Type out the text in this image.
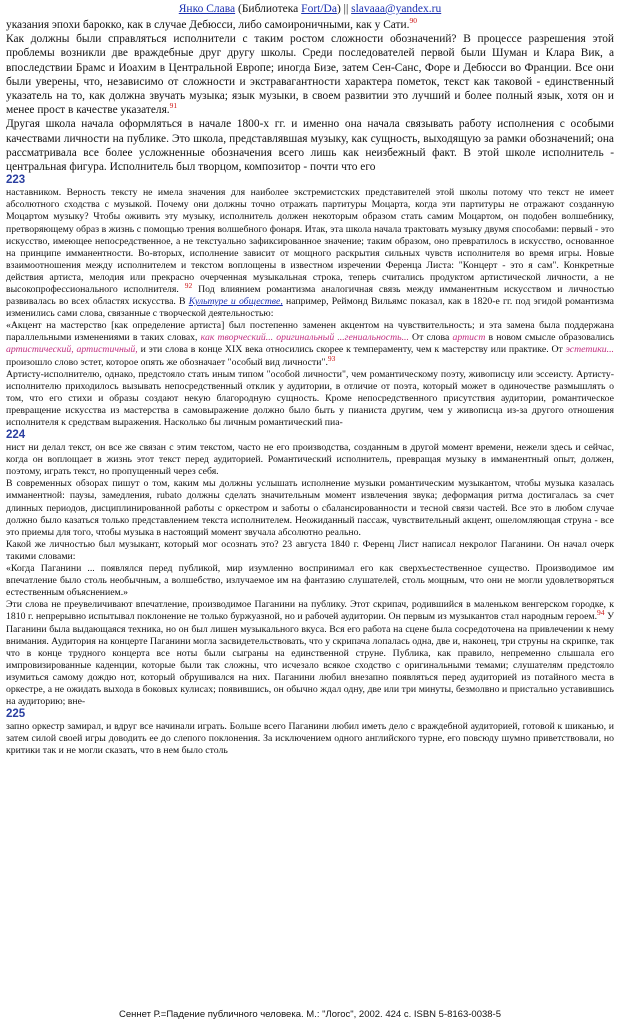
Янко Слава (Библиотека Fort/Da) || slavaaa@yandex.ru

указания эпохи барокко, как в случае Дебюсси, либо самоироничными, как у Сати.$^{90}$

Как должны были справляться исполнители с таким ростом сложности обозначений? В процессе разрешения этой проблемы возникли две враждебные друг другу школы. Среди последователей первой были Шуман и Клара Вик, а впоследствии Брамс и Иоахим в Центральной Европе; иногда Бизе, затем Сен-Санс, Форе и Дебюсси во Франции. Все они были уверены, что, независимо от сложности и экстравагантности характера пометок, текст как таковой - единственный указатель на то, как должна звучать музыка; язык музыки, в своем развитии это лучший и более полный язык, хотя он и менее прост в качестве указателя.$^{91}$

Другая школа начала оформляться в начале 1800-х гг. и именно она начала связывать работу исполнения с особыми качествами личности на публике. Это школа, представлявшая музыку, как сущность, выходящую за рамки обозначений; она рассматривала все более усложненные обозначения всего лишь как неизбежный факт. В этой школе исполнитель - центральная фигура. Исполнитель был творцом, композитор - почти что его

223

наставником. Верность тексту не имела значения для наиболее экстремистских представителей этой школы потому что текст не имеет абсолютного сходства с музыкой. Почему они должны точно отражать партитуры Моцарта, когда эти партитуры не отражают созданную Моцартом музыку? Чтобы оживить эту музыку, исполнитель должен некоторым образом стать самим Моцартом, он подобен волшебнику, претворяющему образ в жизнь с помощью трения волшебного фонаря. Итак, эта школа начала трактовать музыку двумя способами: первый - это искусство, имеющее непосредственное, а не текстуально зафиксированное значение; таким образом, оно превратилось в искусство, основанное на принципе имманентности. Во-вторых, исполнение зависит от мощного раскрытия сильных чувств исполнителя во время игры. Новые взаимоотношения между исполнителем и текстом воплощены в известном изречении Ференца Листа: "Концерт - это я сам". Конкретные действия артиста, мелодия или прекрасно очерченная музыкальная строка, теперь считались продуктом артистической личности, а не высокопрофессионального исполнителя. $^{92}$ Под влиянием романтизма аналогичная связь между имманентным искусством и личностью развивалась во всех областях искусства. В Культуре и обществе, например, Реймонд Вильямс показал, как в 1820-е гг. под эгидой романтизма изменились сами слова, связанные с творческой деятельностью:

«Акцент на мастерство [как определение артиста] был постепенно заменен акцентом на чувствительность; и эта замена была поддержана параллельными изменениями в таких словах, как творческий... оригинальный ...гениальность... От слова артист в новом смысле образовались артистический, артистичный, и эти слова в конце XIX века относились скорее к темпераменту, чем к мастерству или практике. От эстетики... произошло слово эстет, которое опять же обозначает "особый вид личности".$^{93}$

Артисту-исполнителю, однако, предстояло стать иным типом "особой личности", чем романтическому поэту, живописцу или эссеисту. Артисту-исполнителю приходилось вызывать непосредственный отклик у аудитории, в отличие от поэта, который может в одиночестве размышлять о том, что его стихи и образы создают некую благородную сущность. Кроме непосредственного присутствия аудитории, романтическое превращение искусства из мастерства в самовыражение должно было быть у пианиста другим, чем у живописца из-за другого отношения исполнителя к средствам выражения. Насколько бы личным романтический пиа-

224

нист ни делал текст, он все же связан с этим текстом, часто не его производства, созданным в другой момент времени, нежели здесь и сейчас, когда он воплощает в жизнь этот текст перед аудиторией. Романтический исполнитель, превращая музыку в имманентный опыт, должен, поэтому, играть текст, но пропущенный через себя.

В современных обзорах пишут о том, каким мы должны услышать исполнение музыки романтическим музыкантом, чтобы музыка казалась имманентной: паузы, замедления, rubato должны сделать значительным момент извлечения звука; деформация ритма достигалась за счет длинных периодов, дисциплинированной работы с оркестром и заботы о сбалансированности и тесной связи частей. Все это в любом случае должно было казаться только представлением текста исполнителем. Неожиданный пассаж, чувствительный акцент, ошеломляющая струна - все это приемы для того, чтобы музыка в настоящий момент звучала абсолютно реально.

Какой же личностью был музыкант, который мог осознать это? 23 августа 1840 г. Ференц Лист написал некролог Паганини. Он начал очерк такими словами:

«Когда Паганини ... появлялся перед публикой, мир изумленно воспринимал его как сверхъестественное существо. Производимое им впечатление было столь необычным, а волшебство, излучаемое им на фантазию слушателей, столь мощным, что они не могли удовлетворяться естественным объяснением.»

Эти слова не преувеличивают впечатление, производимое Паганини на публику. Этот скрипач, родившийся в маленьком венгерском городке, к 1810 г. непрерывно испытывал поклонение не только буржуазной, но и рабочей аудитории. Он первым из музыкантов стал народным героем.$^{94}$ У Паганини была выдающаяся техника, но он был лишен музыкального вкуса. Вся его работа на сцене была сосредоточена на привлечении к нему внимания. Аудитория на концерте Паганини могла засвидетельствовать, что у скрипача лопалась одна, две и, наконец, три струны на скрипке, так что в конце трудного концерта все ноты были сыграны на единственной струне. Публика, как правило, непременно слышала его импровизированные каденции, которые были так сложны, что исчезало всякое сходство с оригинальными темами; слушателям предстояло изумиться самому дождю нот, который обрушивался на них. Паганини любил внезапно появляться перед аудиторией из потайного места в оркестре, а не ожидать выхода в боковых кулисах; появившись, он обычно ждал одну, две или три минуты, безмолвно и пристально уставившись на аудиторию; вне-

225

запно оркестр замирал, и вдруг все начинали играть. Больше всего Паганини любил иметь дело с враждебной аудиторией, готовой к шиканью, и затем силой своей игры доводить ее до слепого поклонения. За исключением одного английского турне, его повсюду шумно приветствовали, но критики так и не могли сказать, что в нем было столь

Сеннет Р.=Падение публичного человека. М.: "Логос", 2002. 424 с. ISBN 5-8163-0038-5
